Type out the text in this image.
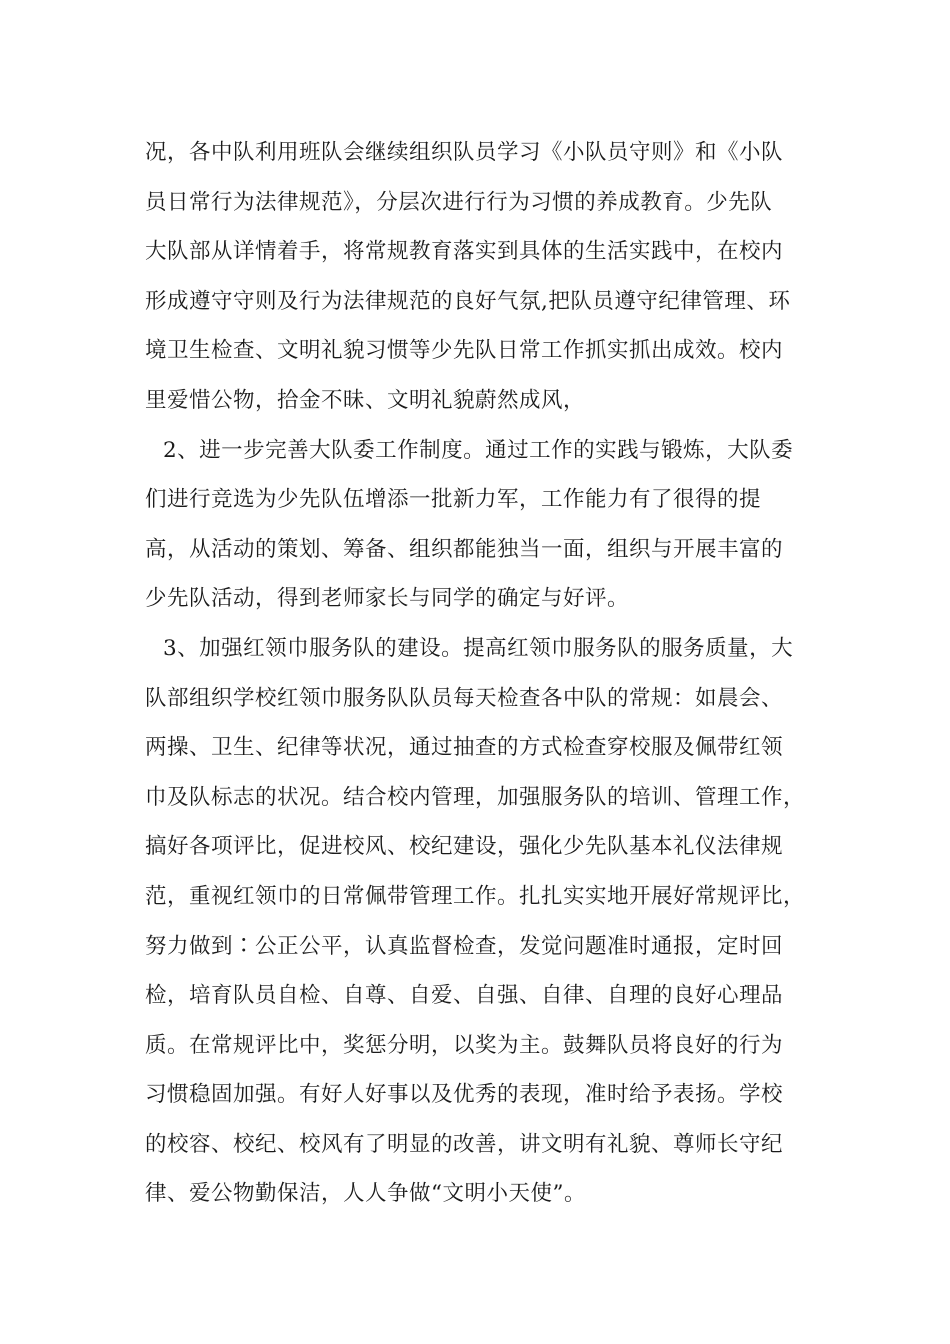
况，各中队利用班队会继续组织队员学习《小队员守则》和《小队
员日常行为法律规范》，分层次进行行为习惯的养成教育。少先队
大队部从详情着手，将常规教育落实到具体的生活实践中，在校内
形成遵守守则及行为法律规范的良好气氛,把队员遵守纪律管理、环
境卫生检查、文明礼貌习惯等少先队日常工作抓实抓出成效。校内
里爱惜公物，拾金不昧、文明礼貌蔚然成风，
2、进一步完善大队委工作制度。通过工作的实践与锻炼，大队委
们进行竞选为少先队伍增添一批新力军，工作能力有了很得的提
高，从活动的策划、筹备、组织都能独当一面，组织与开展丰富的
少先队活动，得到老师家长与同学的确定与好评。
3、加强红领巾服务队的建设。提高红领巾服务队的服务质量，大
队部组织学校红领巾服务队队员每天检查各中队的常规：如晨会、
两操、卫生、纪律等状况，通过抽查的方式检查穿校服及佩带红领
巾及队标志的状况。结合校内管理，加强服务队的培训、管理工作，
搞好各项评比，促进校风、校纪建设，强化少先队基本礼仪法律规
范，重视红领巾的日常佩带管理工作。扎扎实实地开展好常规评比，
努力做到∶公正公平，认真监督检查，发觉问题准时通报，定时回
检，培育队员自检、自尊、自爱、自强、自律、自理的良好心理品
质。在常规评比中，奖惩分明，以奖为主。鼓舞队员将良好的行为
习惯稳固加强。有好人好事以及优秀的表现，准时给予表扬。学校
的校容、校纪、校风有了明显的改善，讲文明有礼貌、尊师长守纪
律、爱公物勤保洁，人人争做“文明小天使”。
